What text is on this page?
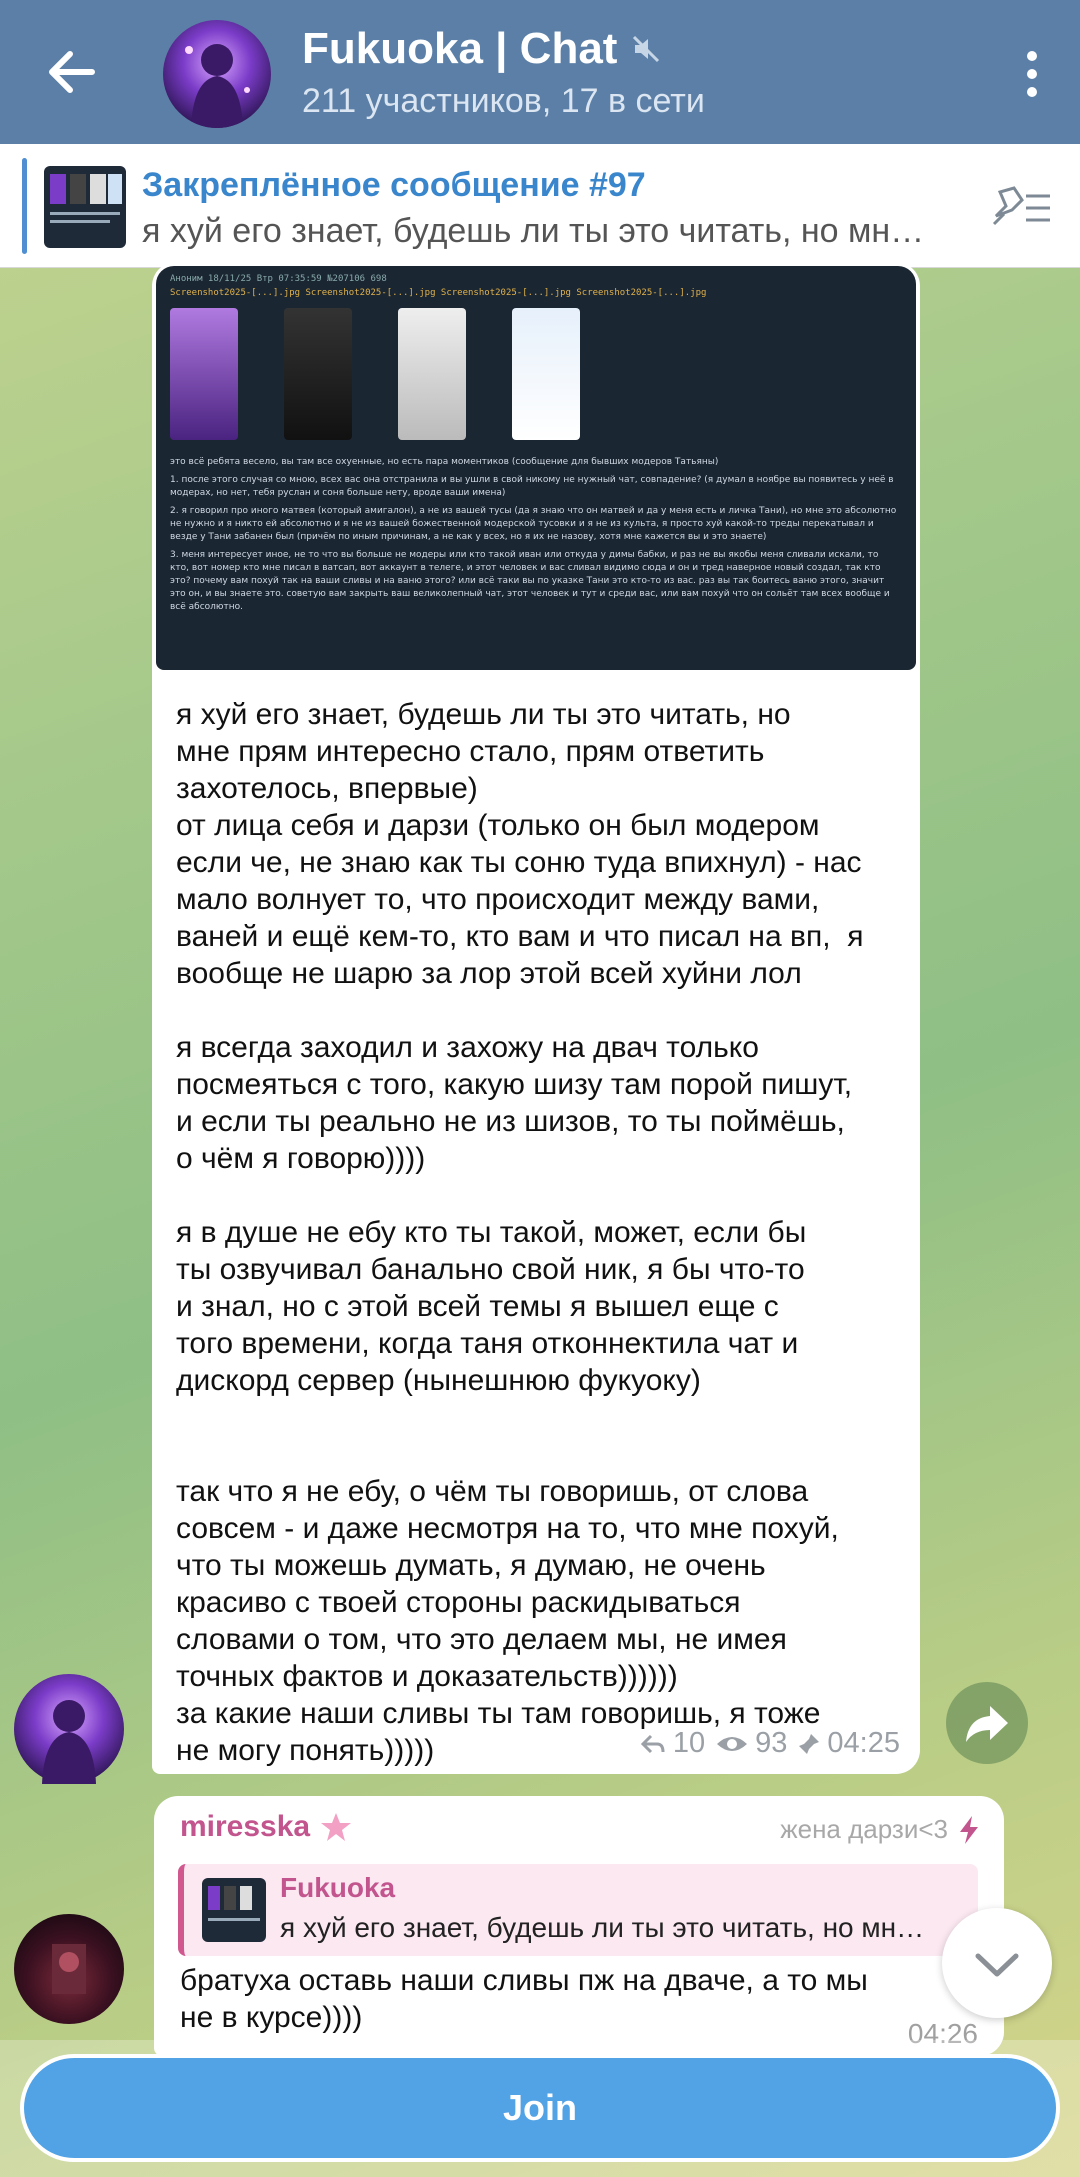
Fukuoka | Chat
211 участников, 17 в сети
Закреплённое сообщение #97
я хуй его знает, будешь ли ты это читать, но мн…
Аноним 18/11/25 Втр 07:35:59 №207106 698
Screenshot2025-[...].jpg Screenshot2025-[...].jpg Screenshot2025-[...].jpg Screenshot2025-[...].jpg

это всё ребята весело, вы там все охуенные, но есть пара моментиков (сообщение для бывших модеров Татьяны)

1. после этого случая со мною, всех вас она отстранила и вы ушли в свой никому не нужный чат, совпадение? (я думал в ноябре вы появитесь у неё в модерах, но нет, тебя руслан и соня больше нету, вроде ваши имена)

2. я говорил про иного матвея (который амигалон), а не из вашей тусы (да я знаю что он матвей и да у меня есть и личка Тани), но мне это абсолютно не нужно и я никто ей абсолютно и я не из вашей божественной модерской тусовки и я не из культа, я просто хуй какой-то треды перекатывал и везде у Тани забанен был (причём по иным причинам, а не как у всех, но я их не назову, хотя мне кажется вы и это знаете)

3. меня интересует иное, не то что вы больше не модеры или кто такой иван или откуда у димы бабки, и раз не вы якобы меня сливали искали, то кто, вот номер кто мне писал в ватсап, вот аккаунт в телеге, и этот человек и вас сливал видимо сюда и он и тред наверное новый создал, так кто это? почему вам похуй так на ваши сливы и на ваню этого? или всё таки вы по указке Тани это кто-то из вас. раз вы так боитесь ваню этого, значит это он, и вы знаете это. советую вам закрыть ваш великолепный чат, этот человек и тут и среди вас, или вам похуй что он сольёт там всех вообще и всё абсолютно.

я хуй его знает, будешь ли ты это читать, но
мне прям интересно стало, прям ответить
захотелось, впервые)
от лица себя и дарзи (только он был модером
если че, не знаю как ты соню туда впихнул) - нас
мало волнует то, что происходит между вами,
ваней и ещё кем-то, кто вам и что писал на вп,  я
вообще не шарю за лор этой всей хуйни лол

я всегда заходил и захожу на двач только
посмеяться с того, какую шизу там порой пишут,
и если ты реально не из шизов, то ты поймёшь,
о чём я говорю))))

я в душе не ебу кто ты такой, может, если бы
ты озвучивал банально свой ник, я бы что-то
и знал, но с этой всей темы я вышел еще с
того времени, когда таня отконнектила чат и
дискорд сервер (нынешнюю фукуоку)

так что я не ебу, о чём ты говоришь, от слова
совсем - и даже несмотря на то, что мне похуй,
что ты можешь думать, я думаю, не очень
красиво с твоей стороны раскидываться
словами о том, что это делаем мы, не имея
точных фактов и доказательств))))))
за какие наши сливы ты там говоришь, я тоже
не могу понять)))))	10 93 04:25
miresska	жена дарзи<3
Fukuoka
я хуй его знает, будешь ли ты это читать, но мн…
братуха оставь наши сливы пж на дваче, а то мы не в курсе))))	04:26
Join
